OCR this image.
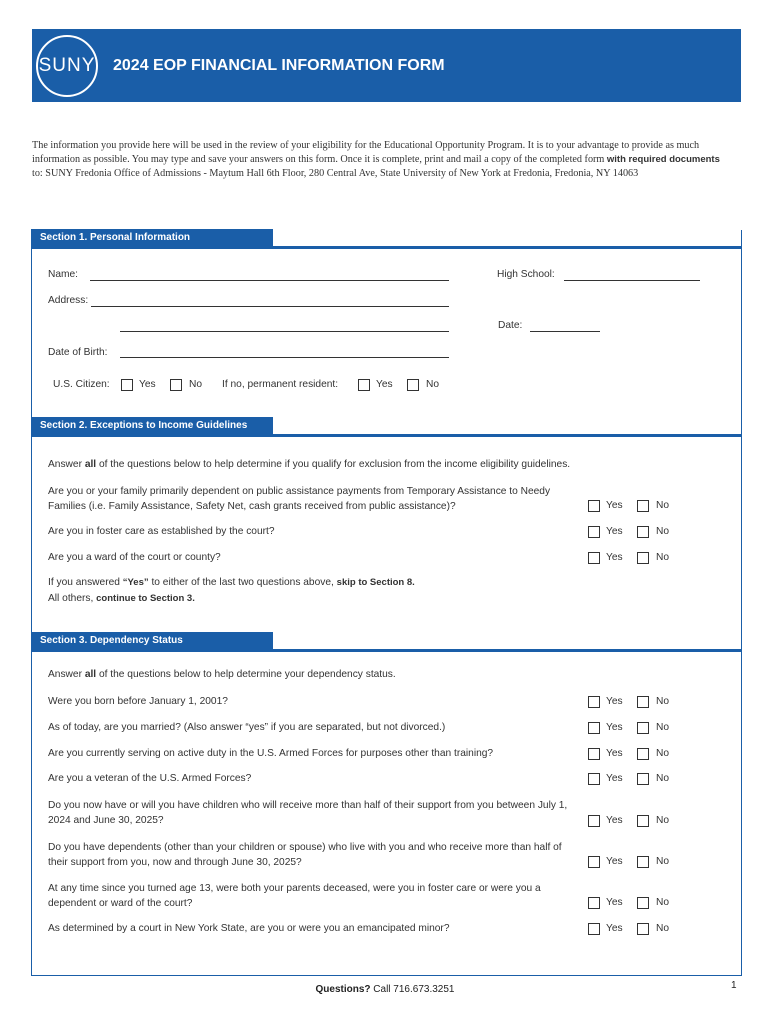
SUNY 2024 EOP FINANCIAL INFORMATION FORM
The information you provide here will be used in the review of your eligibility for the Educational Opportunity Program. It is to your advantage to provide as much information as possible. You may type and save your answers on this form. Once it is complete, print and mail a copy of the completed form with required documents to: SUNY Fredonia Office of Admissions - Maytum Hall 6th Floor, 280 Central Ave, State University of New York at Fredonia, Fredonia, NY 14063
Section 1. Personal Information
Name:	High School:
Address:
Date:
Date of Birth:
U.S. Citizen:	Yes	No If no, permanent resident:	Yes	No
Section 2. Exceptions to Income Guidelines
Answer all of the questions below to help determine if you qualify for exclusion from the income eligibility guidelines.
Are you or your family primarily dependent on public assistance payments from Temporary Assistance to Needy Families (i.e. Family Assistance, Safety Net, cash grants received from public assistance)?	Yes	No
Are you in foster care as established by the court?	Yes	No
Are you a ward of the court or county?	Yes	No
If you answered “Yes” to either of the last two questions above, skip to Section 8.
All others, continue to Section 3.
Section 3. Dependency Status
Answer all of the questions below to help determine your dependency status.
Were you born before January 1, 2001?	Yes	No
As of today, are you married? (Also answer “yes” if you are separated, but not divorced.)	Yes	No
Are you currently serving on active duty in the U.S. Armed Forces for purposes other than training?	Yes	No
Are you a veteran of the U.S. Armed Forces?	Yes	No
Do you now have or will you have children who will receive more than half of their support from you between July 1, 2024 and June 30, 2025?	Yes	No
Do you have dependents (other than your children or spouse) who live with you and who receive more than half of their support from you, now and through June 30, 2025?	Yes	No
At any time since you turned age 13, were both your parents deceased, were you in foster care or were you a dependent or ward of the court?	Yes	No
As determined by a court in New York State, are you or were you an emancipated minor?	Yes	No
Questions? Call 716.673.3251	1
